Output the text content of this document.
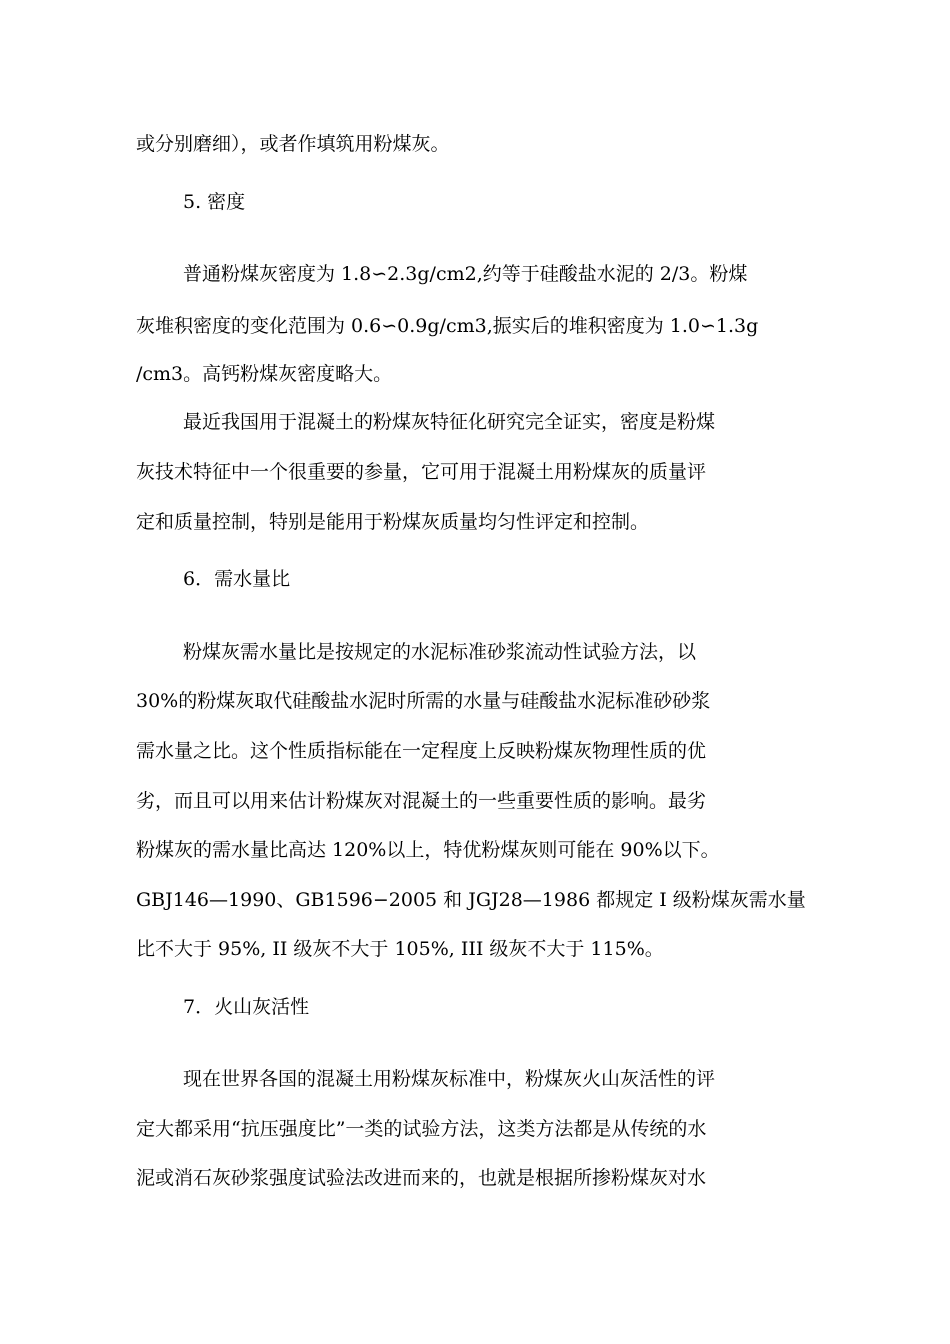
或分别磨细），或者作填筑用粉煤灰。
5. 密度
普通粉煤灰密度为 1.8∽2.3g/cm2,约等于硅酸盐水泥的 2/3。粉煤
灰堆积密度的变化范围为 0.6∽0.9g/cm3,振实后的堆积密度为 1.0∽1.3g
/cm3。高钙粉煤灰密度略大。
最近我国用于混凝土的粉煤灰特征化研究完全证实，密度是粉煤
灰技术特征中一个很重要的参量，它可用于混凝土用粉煤灰的质量评
定和质量控制，特别是能用于粉煤灰质量均匀性评定和控制。
6．需水量比
粉煤灰需水量比是按规定的水泥标准砂浆流动性试验方法，以
30%的粉煤灰取代硅酸盐水泥时所需的水量与硅酸盐水泥标准砂砂浆
需水量之比。这个性质指标能在一定程度上反映粉煤灰物理性质的优
劣，而且可以用来估计粉煤灰对混凝土的一些重要性质的影响。最劣
粉煤灰的需水量比高达 120%以上，特优粉煤灰则可能在 90%以下。
GBJ146—1990、GB1596−2005 和 JGJ28—1986 都规定 I 级粉煤灰需水量
比不大于 95%, II 级灰不大于 105%, III 级灰不大于 115%。
7．火山灰活性
现在世界各国的混凝土用粉煤灰标准中，粉煤灰火山灰活性的评
定大都采用“抗压强度比”一类的试验方法，这类方法都是从传统的水
泥或消石灰砂浆强度试验法改进而来的，也就是根据所掺粉煤灰对水
